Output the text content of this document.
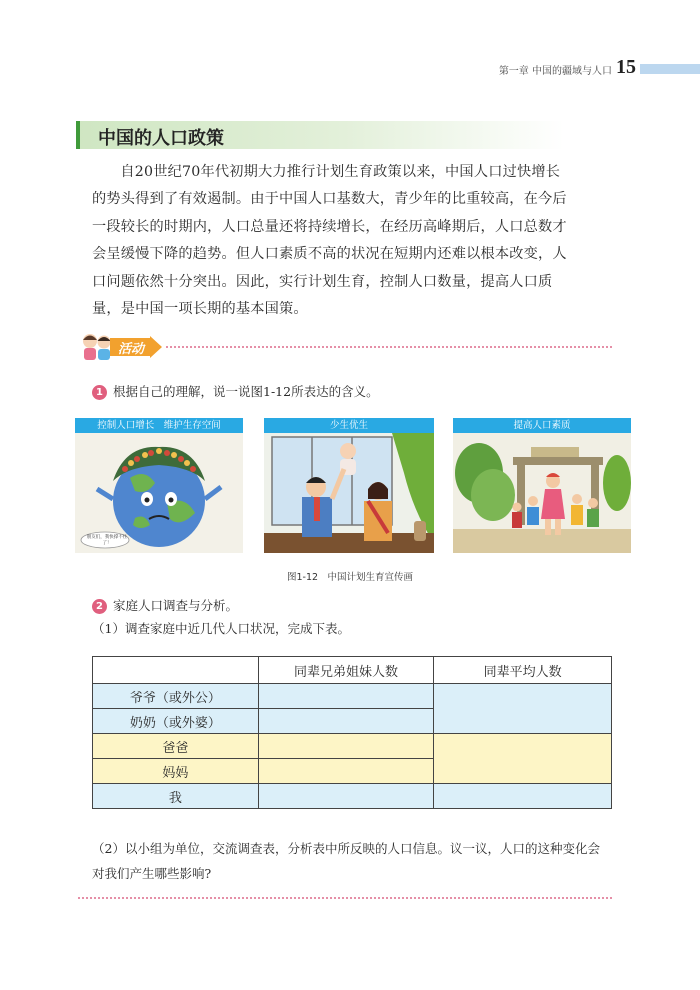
第一章 中国的疆域与人口 15
中国的人口政策

自20世纪70年代初期大力推行计划生育政策以来，中国人口过快增长的势头得到了有效遏制。由于中国人口基数大，青少年的比重较高，在今后一段较长的时期内，人口总量还将持续增长，在经历高峰期后，人口总数才会呈缓慢下降的趋势。但人口素质不高的状况在短期内还难以根本改变，人口问题依然十分突出。因此，实行计划生育，控制人口数量，提高人口质量，是中国一项长期的基本国策。

活动
1 根据自己的理解，说一说图1-12所表达的含义。
控制人口增长　维护生存空间
朋友们，我快撑不住了！
少生优生	提高人口素质
图1-12　中国计划生育宣传画
2 家庭人口调查与分析。
（1）调查家庭中近几代人口状况，完成下表。
	同辈兄弟姐妹人数	同辈平均人数
爷爷（或外公）		
奶奶（或外婆）		
爸爸		
妈妈		
我		
（2）以小组为单位，交流调查表，分析表中所反映的人口信息。议一议，人口的这种变化会对我们产生哪些影响?
